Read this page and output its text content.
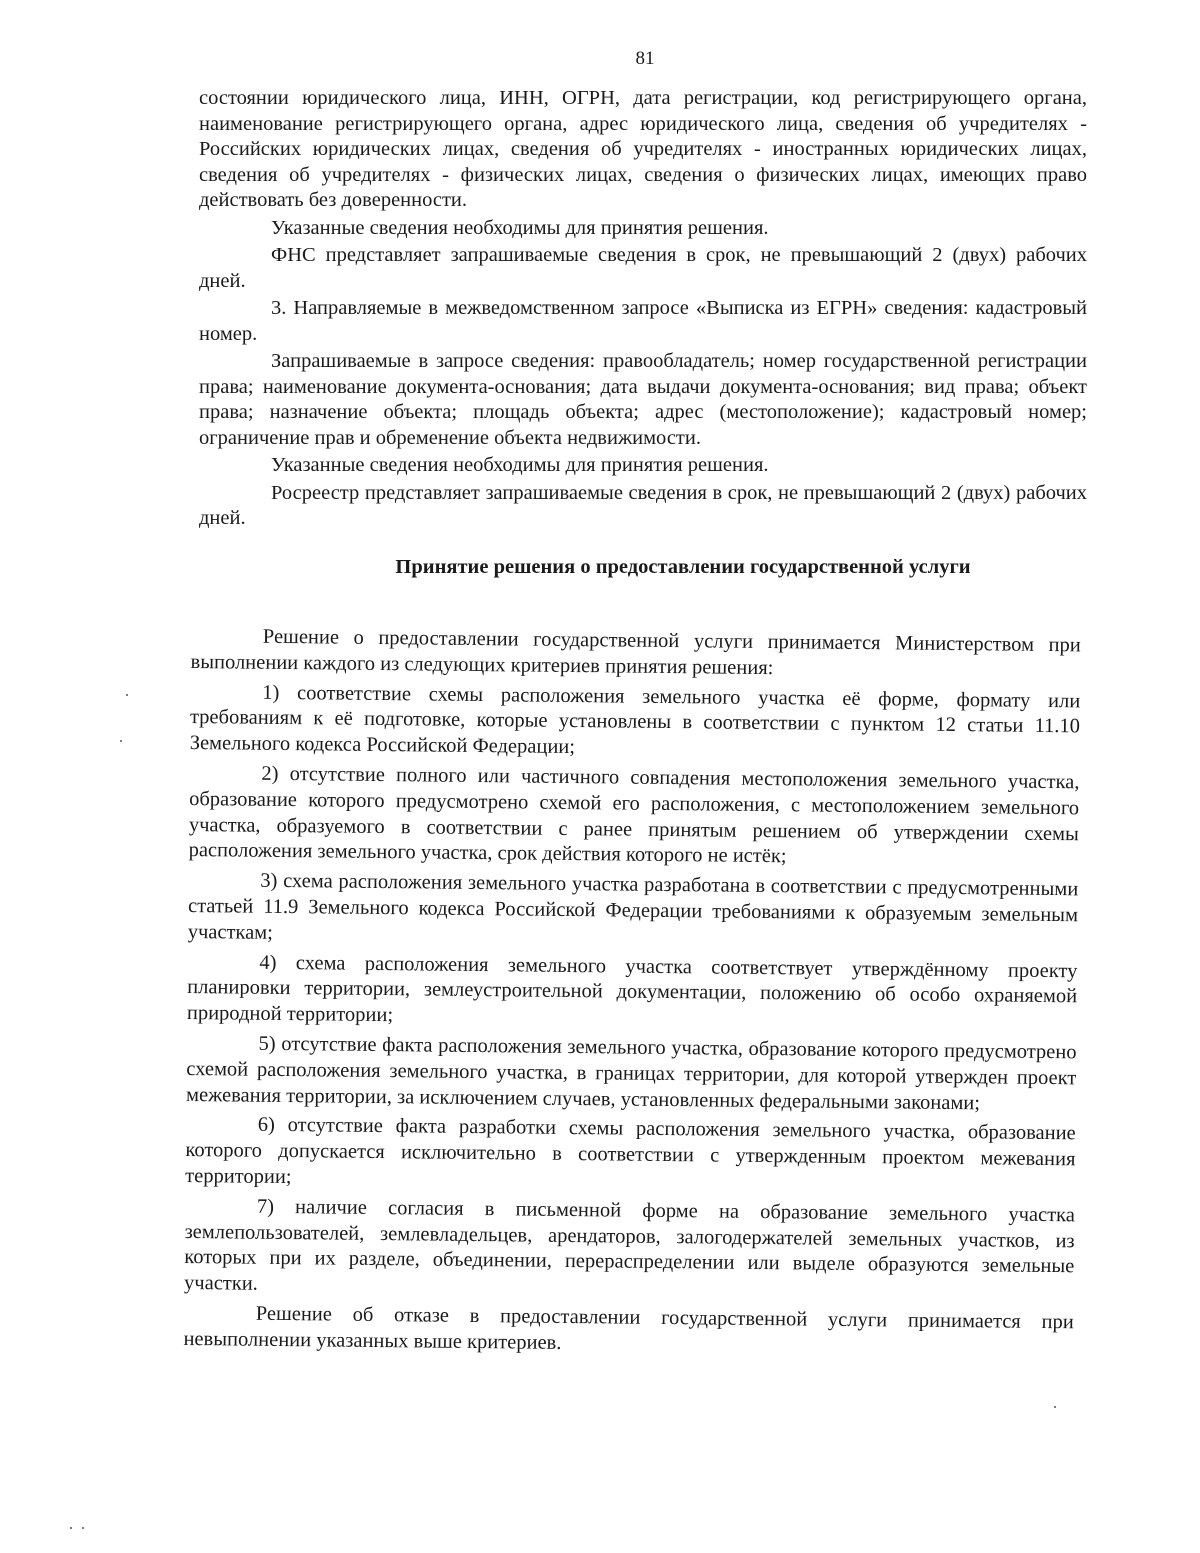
81

состоянии юридического лица, ИНН, ОГРН, дата регистрации, код регистрирующего органа, наименование регистрирующего органа, адрес юридического лица, сведения об учредителях - Российских юридических лицах, сведения об учредителях - иностранных юридических лицах, сведения об учредителях - физических лицах, сведения о физических лицах, имеющих право действовать без доверенности.

Указанные сведения необходимы для принятия решения.

ФНС представляет запрашиваемые сведения в срок, не превышающий 2 (двух) рабочих дней.

3. Направляемые в межведомственном запросе «Выписка из ЕГРН» сведения: кадастровый номер.

Запрашиваемые в запросе сведения: правообладатель; номер государственной регистрации права; наименование документа-основания; дата выдачи документа-основания; вид права; объект права; назначение объекта; площадь объекта; адрес (местоположение); кадастровый номер; ограничение прав и обременение объекта недвижимости.

Указанные сведения необходимы для принятия решения.

Росреестр представляет запрашиваемые сведения в срок, не превышающий 2 (двух) рабочих дней.

Принятие решения о предоставлении государственной услуги

Решение о предоставлении государственной услуги принимается Министерством при выполнении каждого из следующих критериев принятия решения:

1) соответствие схемы расположения земельного участка её форме, формату или требованиям к её подготовке, которые установлены в соответствии с пунктом 12 статьи 11.10 Земельного кодекса Российской Федерации;

2) отсутствие полного или частичного совпадения местоположения земельного участка, образование которого предусмотрено схемой его расположения, с местоположением земельного участка, образуемого в соответствии с ранее принятым решением об утверждении схемы расположения земельного участка, срок действия которого не истёк;

3) схема расположения земельного участка разработана в соответствии с предусмотренными статьей 11.9 Земельного кодекса Российской Федерации требованиями к образуемым земельным участкам;

4) схема расположения земельного участка соответствует утверждённому проекту планировки территории, землеустроительной документации, положению об особо охраняемой природной территории;

5) отсутствие факта расположения земельного участка, образование которого предусмотрено схемой расположения земельного участка, в границах территории, для которой утвержден проект межевания территории, за исключением случаев, установленных федеральными законами;

6) отсутствие факта разработки схемы расположения земельного участка, образование которого допускается исключительно в соответствии с утвержденным проектом межевания территории;

7) наличие согласия в письменной форме на образование земельного участка землепользователей, землевладельцев, арендаторов, залогодержателей земельных участков, из которых при их разделе, объединении, перераспределении или выделе образуются земельные участки.

Решение об отказе в предоставлении государственной услуги принимается при невыполнении указанных выше критериев.
